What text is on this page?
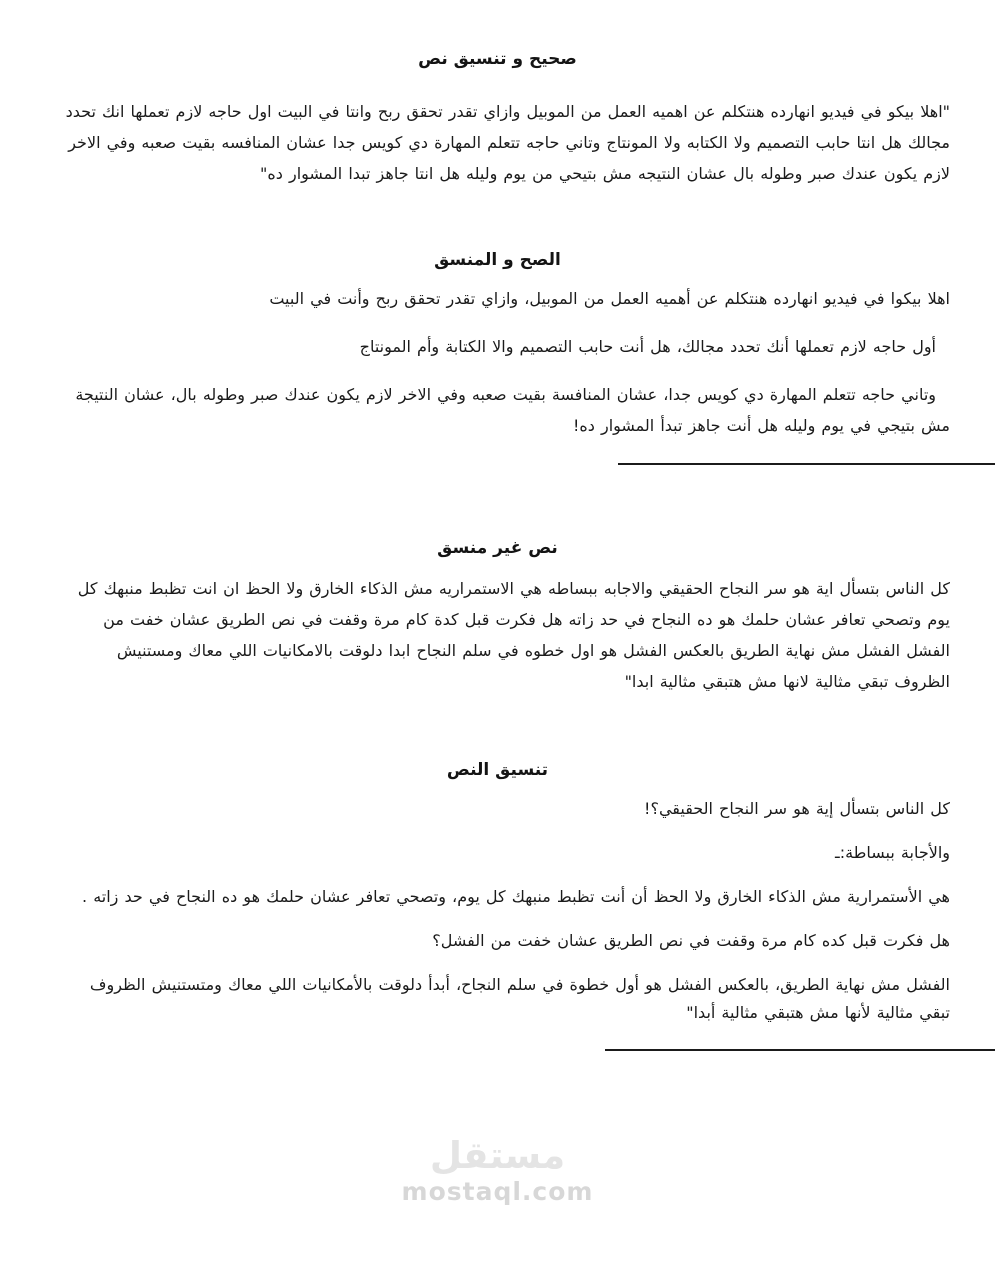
صحيح و تنسيق نص

"اهلا بيكو في فيديو انهارده هنتكلم عن اهميه العمل من الموبيل وازاي تقدر تحقق ربح وانتا في البيت اول حاجه لازم تعملها انك تحدد مجالك هل انتا حابب التصميم ولا الكتابه ولا المونتاج وتاني حاجه تتعلم المهارة دي كويس جدا عشان المنافسه بقيت صعبه وفي الاخر لازم يكون عندك صبر وطوله بال عشان النتيجه مش بتيحي من يوم وليله هل انتا جاهز تبدا المشوار ده"

الصح و المنسق

اهلا بيكوا في فيديو انهارده هنتكلم عن أهميه العمل من الموبيل، وازاي تقدر تحقق ربح وأنت في البيت

أول حاجه لازم تعملها أنك تحدد مجالك، هل أنت حابب التصميم والا الكتابة وأم المونتاج

وتاني حاجه تتعلم المهارة دي كويس جدا، عشان المنافسة بقيت صعبه وفي الاخر لازم يكون عندك صبر وطوله بال، عشان النتيجة مش بتيجي في يوم وليله هل أنت جاهز تبدأ المشوار ده!

نص غير منسق

كل الناس بتسأل اية هو سر النجاح الحقيقي والاجابه ببساطه هي الاستمراريه مش الذكاء الخارق ولا الحظ ان انت تظبط منبهك كل يوم وتصحي تعافر عشان حلمك هو ده النجاح في حد زاته هل فكرت قبل كدة كام مرة وقفت في نص الطريق عشان خفت من الفشل الفشل مش نهاية الطريق بالعكس الفشل هو اول خطوه في سلم النجاح ابدا دلوقت بالامكانيات اللي معاك ومستنيش الظروف تبقي مثالية لانها مش هتبقي مثالية ابدا"

تنسيق النص

كل الناس بتسأل إية هو سر النجاح الحقيقي؟!

والأجابة ببساطة:ـ

هي الأستمرارية مش الذكاء الخارق ولا الحظ أن أنت تظبط منبهك كل يوم، وتصحي تعافر عشان حلمك هو ده النجاح في حد زاته .

هل فكرت قبل كده كام مرة وقفت في نص الطريق عشان خفت من الفشل؟

الفشل مش نهاية الطريق، بالعكس الفشل هو أول خطوة في سلم النجاح، أبدأ دلوقت بالأمكانيات اللي معاك ومتستنيش الظروف تبقي مثالية لأنها مش هتبقي مثالية أبدا"

مستقل
mostaql.com
